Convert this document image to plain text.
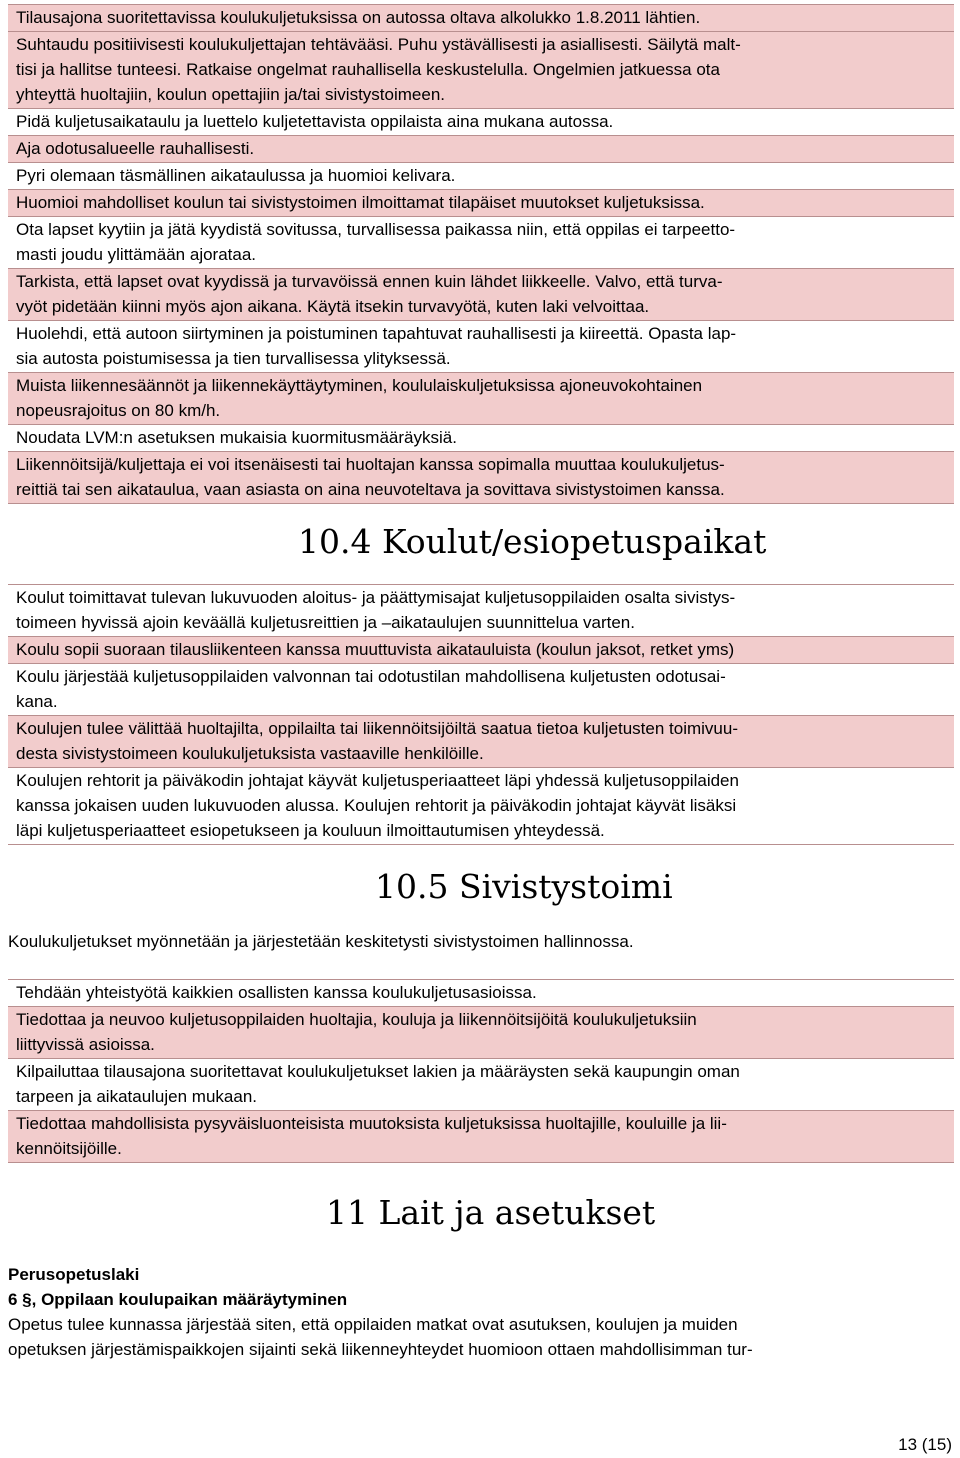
Tilausajona suoritettavissa koulukuljetuksissa on autossa oltava alkolukko 1.8.2011 lähtien.
Suhtaudu positiivisesti koulukuljettajan tehtävääsi. Puhu ystävällisesti ja asiallisesti. Säilytä malt-
tisi ja hallitse tunteesi. Ratkaise ongelmat rauhallisella keskustelulla. Ongelmien jatkuessa ota
yhteyttä huoltajiin, koulun opettajiin ja/tai sivistystoimeen.
Pidä kuljetusaikataulu ja luettelo kuljetettavista oppilaista aina mukana autossa.
Aja odotusalueelle rauhallisesti.
Pyri olemaan täsmällinen aikataulussa ja huomioi kelivara.
Huomioi mahdolliset koulun tai sivistystoimen ilmoittamat tilapäiset muutokset kuljetuksissa.
Ota lapset kyytiin ja jätä kyydistä sovitussa, turvallisessa paikassa niin, että oppilas ei tarpeetto-
masti joudu ylittämään ajorataa.
Tarkista, että lapset ovat kyydissä ja turvavöissä ennen kuin lähdet liikkeelle. Valvo, että turva-
vyöt pidetään kiinni myös ajon aikana. Käytä itsekin turvavyötä, kuten laki velvoittaa.
Huolehdi, että autoon siirtyminen ja poistuminen tapahtuvat rauhallisesti ja kiireettä. Opasta lap-
sia autosta poistumisessa ja tien turvallisessa ylityksessä.
Muista liikennesäännöt ja liikennekäyttäytyminen, koululaiskuljetuksissa ajoneuvokohtainen
nopeusrajoitus on 80 km/h.
Noudata LVM:n asetuksen mukaisia kuormitusmääräyksiä.
Liikennöitsijä/kuljettaja ei voi itsenäisesti tai huoltajan kanssa sopimalla muuttaa koulukuljetus-
reittiä tai sen aikataulua, vaan asiasta on aina neuvoteltava ja sovittava sivistystoimen kanssa.
10.4 Koulut/esiopetuspaikat
Koulut toimittavat tulevan lukuvuoden aloitus- ja päättymisajat kuljetusoppilaiden osalta sivistys-
toimeen hyvissä ajoin keväällä kuljetusreittien ja –aikataulujen suunnittelua varten.
Koulu sopii suoraan tilausliikenteen kanssa muuttuvista aikatauluista (koulun jaksot, retket yms)
Koulu järjestää kuljetusoppilaiden valvonnan tai odotustilan mahdollisena kuljetusten odotusai-
kana.
Koulujen tulee välittää huoltajilta, oppilailta tai liikennöitsijöiltä saatua tietoa kuljetusten toimivuu-
desta sivistystoimeen koulukuljetuksista vastaaville henkilöille.
Koulujen rehtorit ja päiväkodin johtajat käyvät kuljetusperiaatteet läpi yhdessä kuljetusoppilaiden
kanssa jokaisen uuden lukuvuoden alussa. Koulujen rehtorit ja päiväkodin johtajat käyvät lisäksi
läpi kuljetusperiaatteet esiopetukseen ja kouluun ilmoittautumisen yhteydessä.
10.5 Sivistystoimi
Koulukuljetukset myönnetään ja järjestetään keskitetysti sivistystoimen hallinnossa.
Tehdään yhteistyötä kaikkien osallisten kanssa koulukuljetusasioissa.
Tiedottaa ja neuvoo kuljetusoppilaiden huoltajia, kouluja ja liikennöitsijöitä koulukuljetuksiin
liittyvissä asioissa.
Kilpailuttaa tilausajona suoritettavat koulukuljetukset lakien ja määräysten sekä kaupungin oman
tarpeen ja aikataulujen mukaan.
Tiedottaa mahdollisista pysyväisluonteisista muutoksista kuljetuksissa huoltajille, kouluille ja lii-
kennöitsijöille.
11 Lait ja asetukset
Perusopetuslaki
6 §, Oppilaan koulupaikan määräytyminen
Opetus tulee kunnassa järjestää siten, että oppilaiden matkat ovat asutuksen, koulujen ja muiden
opetuksen järjestämispaikkojen sijainti sekä liikenneyhteydet huomioon ottaen mahdollisimman tur-
13 (15)
